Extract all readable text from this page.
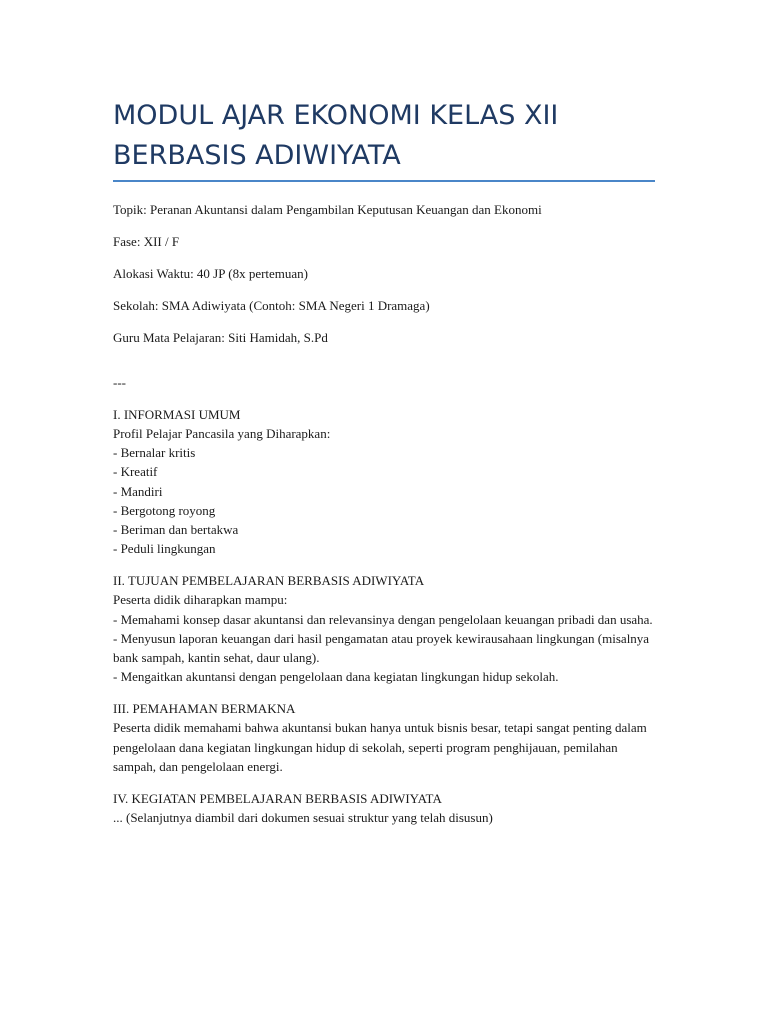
MODUL AJAR EKONOMI KELAS XII
BERBASIS ADIWIYATA

Topik: Peranan Akuntansi dalam Pengambilan Keputusan Keuangan dan Ekonomi

Fase: XII / F

Alokasi Waktu: 40 JP (8x pertemuan)

Sekolah: SMA Adiwiyata (Contoh: SMA Negeri 1 Dramaga)

Guru Mata Pelajaran: Siti Hamidah, S.Pd

---

I. INFORMASI UMUM
Profil Pelajar Pancasila yang Diharapkan:
- Bernalar kritis
- Kreatif
- Mandiri
- Bergotong royong
- Beriman dan bertakwa
- Peduli lingkungan
II. TUJUAN PEMBELAJARAN BERBASIS ADIWIYATA
Peserta didik diharapkan mampu:
- Memahami konsep dasar akuntansi dan relevansinya dengan pengelolaan keuangan pribadi dan usaha.
- Menyusun laporan keuangan dari hasil pengamatan atau proyek kewirausahaan lingkungan (misalnya bank sampah, kantin sehat, daur ulang).
- Mengaitkan akuntansi dengan pengelolaan dana kegiatan lingkungan hidup sekolah.
III. PEMAHAMAN BERMAKNA
Peserta didik memahami bahwa akuntansi bukan hanya untuk bisnis besar, tetapi sangat penting dalam pengelolaan dana kegiatan lingkungan hidup di sekolah, seperti program penghijauan, pemilahan sampah, dan pengelolaan energi.
IV. KEGIATAN PEMBELAJARAN BERBASIS ADIWIYATA
... (Selanjutnya diambil dari dokumen sesuai struktur yang telah disusun)
